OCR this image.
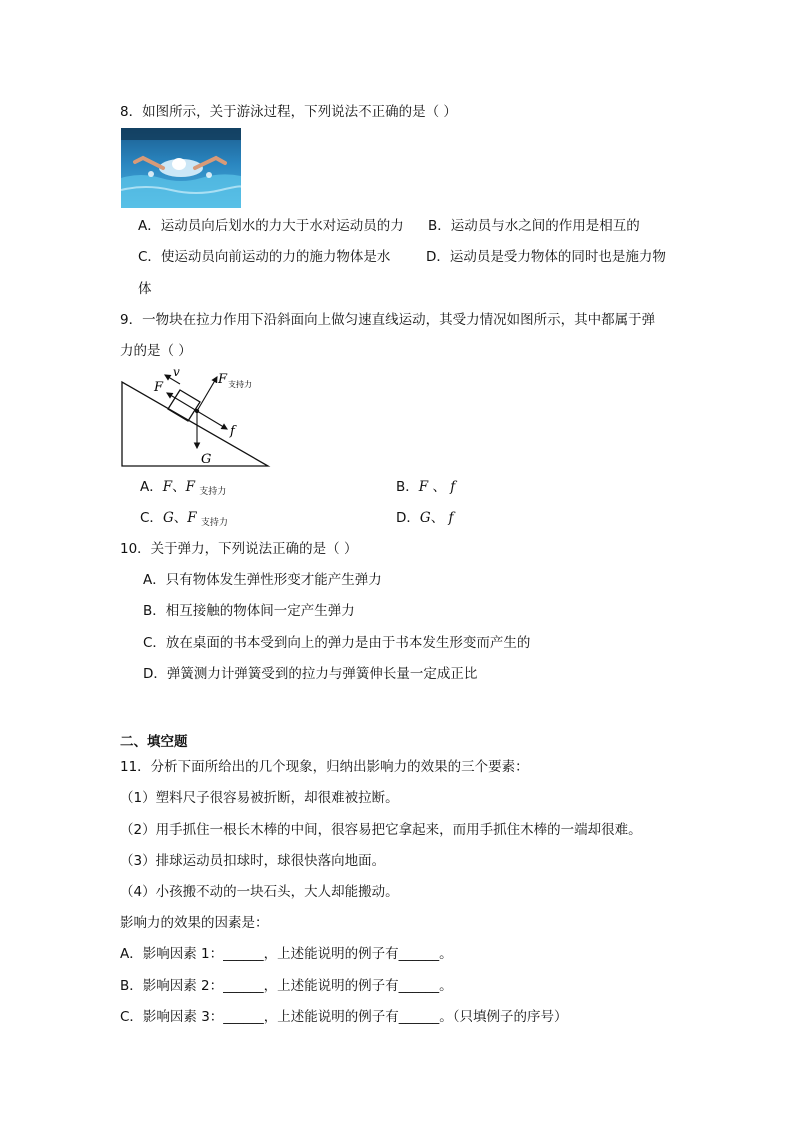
8．如图所示，关于游泳过程，下列说法不正确的是（ ）
A．运动员向后划水的力大于水对运动员的力 B．运动员与水之间的作用是相互的
C．使运动员向前运动的力的施力物体是水	D．运动员是受力物体的同时也是施力物
体
9．一物块在拉力作用下沿斜面向上做匀速直线运动，其受力情况如图所示，其中都属于弹
力的是（ ）
F
v	F 支持力
f
G
A．F、F $_{支持力}$	B．F 、 f
C．G、F $_{支持力}$	D．G、 f
10．关于弹力，下列说法正确的是（ ）
A．只有物体发生弹性形变才能产生弹力
B．相互接触的物体间一定产生弹力
C．放在桌面的书本受到向上的弹力是由于书本发生形变而产生的
D．弹簧测力计弹簧受到的拉力与弹簧伸长量一定成正比
二、填空题
11．分析下面所给出的几个现象，归纳出影响力的效果的三个要素：
（1）塑料尺子很容易被折断，却很难被拉断。
（2）用手抓住一根长木棒的中间，很容易把它拿起来，而用手抓住木棒的一端却很难。
（3）排球运动员扣球时，球很快落向地面。
（4）小孩搬不动的一块石头，大人却能搬动。
影响力的效果的因素是：
A．影响因素 1：______，上述能说明的例子有______。
B．影响因素 2：______，上述能说明的例子有______。
C．影响因素 3：______，上述能说明的例子有______。（只填例子的序号）
